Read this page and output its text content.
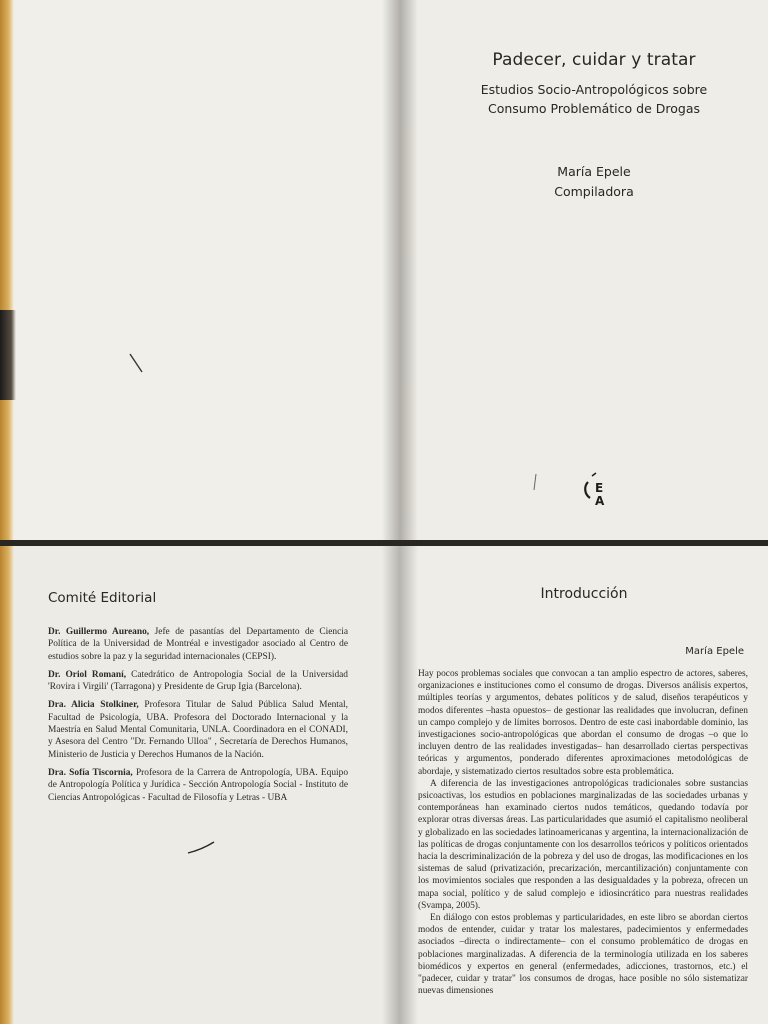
Padecer, cuidar y tratar
Estudios Socio-Antropológicos sobre
Consumo Problemático de Drogas
María Epele
Compiladora
E
A
Comité Editorial

Dr. Guillermo Aureano, Jefe de pasantías del Departamento de Ciencia Política de la Universidad de Montréal e investigador asociado al Centro de estudios sobre la paz y la seguridad internacionales (CEPSI).

Dr. Oriol Romaní, Catedrático de Antropología Social de la Universidad 'Rovira i Virgili' (Tarragona) y Presidente de Grup Igia (Barcelona).

Dra. Alicia Stolkiner, Profesora Titular de Salud Pública Salud Mental, Facultad de Psicología, UBA. Profesora del Doctorado Internacional y la Maestría en Salud Mental Comunitaria, UNLA. Coordinadora en el CONADI, y Asesora del Centro "Dr. Fernando Ulloa" , Secretaría de Derechos Humanos, Ministerio de Justicia y Derechos Humanos de la Nación.

Dra. Sofía Tiscornia, Profesora de la Carrera de Antropología, UBA. Equipo de Antropología Política y Jurídica - Sección Antropología Social - Instituto de Ciencias Antropológicas - Facultad de Filosofía y Letras - UBA

Introducción
María Epele

Hay pocos problemas sociales que convocan a tan amplio espectro de actores, saberes, organizaciones e instituciones como el consumo de drogas. Diversos análisis expertos, múltiples teorías y argumentos, debates políticos y de salud, diseños terapéuticos y modos diferentes –hasta opuestos– de gestionar las realidades que involucran, definen un campo complejo y de límites borrosos. Dentro de este casi inabordable dominio, las investigaciones socio-antropológicas que abordan el consumo de drogas –o que lo incluyen dentro de las realidades investigadas– han desarrollado ciertas perspectivas teóricas y argumentos, ponderado diferentes aproximaciones metodológicas de abordaje, y sistematizado ciertos resultados sobre esta problemática.

A diferencia de las investigaciones antropológicas tradicionales sobre sustancias psicoactivas, los estudios en poblaciones marginalizadas de las sociedades urbanas y contemporáneas han examinado ciertos nudos temáticos, quedando todavía por explorar otras diversas áreas. Las particularidades que asumió el capitalismo neoliberal y globalizado en las sociedades latinoamericanas y argentina, la internacionalización de las políticas de drogas conjuntamente con los desarrollos teóricos y políticos orientados hacia la descriminalización de la pobreza y del uso de drogas, las modificaciones en los sistemas de salud (privatización, precarización, mercantilización) conjuntamente con los movimientos sociales que responden a las desigualdades y la pobreza, ofrecen un mapa social, político y de salud complejo e idiosincrático para nuestras realidades (Svampa, 2005).

En diálogo con estos problemas y particularidades, en este libro se abordan ciertos modos de entender, cuidar y tratar los malestares, padecimientos y enfermedades asociados –directa o indirectamente– con el consumo problemático de drogas en poblaciones marginalizadas. A diferencia de la terminología utilizada en los saberes biomédicos y expertos en general (enfermedades, adicciones, trastornos, etc.) el "padecer, cuidar y tratar" los consumos de drogas, hace posible no sólo sistematizar nuevas dimensiones
